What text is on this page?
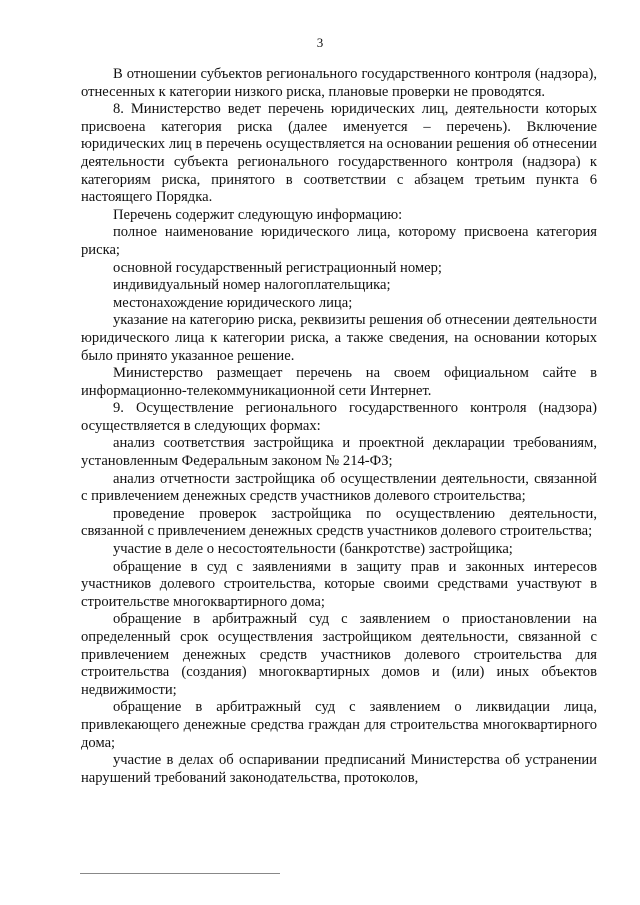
3

В отношении субъектов регионального государственного контроля (надзора), отнесенных к категории низкого риска, плановые проверки не проводятся.

8. Министерство ведет перечень юридических лиц, деятельности которых присвоена категория риска (далее именуется – перечень). Включение юридических лиц в перечень осуществляется на основании решения об отнесении деятельности субъекта регионального государственного контроля (надзора) к категориям риска, принятого в соответствии с абзацем третьим пункта 6 настоящего Порядка.

Перечень содержит следующую информацию:

полное наименование юридического лица, которому присвоена категория риска;

основной государственный регистрационный номер;

индивидуальный номер налогоплательщика;

местонахождение юридического лица;

указание на категорию риска, реквизиты решения об отнесении деятельности юридического лица к категории риска, а также сведения, на основании которых было принято указанное решение.

Министерство размещает перечень на своем официальном сайте в информационно-телекоммуникационной сети Интернет.

9. Осуществление регионального государственного контроля (надзора) осуществляется в следующих формах:

анализ соответствия застройщика и проектной декларации требованиям, установленным Федеральным законом № 214-ФЗ;

анализ отчетности застройщика об осуществлении деятельности, связанной с привлечением денежных средств участников долевого строительства;

проведение проверок застройщика по осуществлению деятельности, связанной с привлечением денежных средств участников долевого строительства;

участие в деле о несостоятельности (банкротстве) застройщика;

обращение в суд с заявлениями в защиту прав и законных интересов участников долевого строительства, которые своими средствами участвуют в строительстве многоквартирного дома;

обращение в арбитражный суд с заявлением о приостановлении на определенный срок осуществления застройщиком деятельности, связанной с привлечением денежных средств участников долевого строительства для строительства (создания) многоквартирных домов и (или) иных объектов недвижимости;

обращение в арбитражный суд с заявлением о ликвидации лица, привлекающего денежные средства граждан для строительства многоквартирного дома;

участие в делах об оспаривании предписаний Министерства об устранении нарушений требований законодательства, протоколов,
